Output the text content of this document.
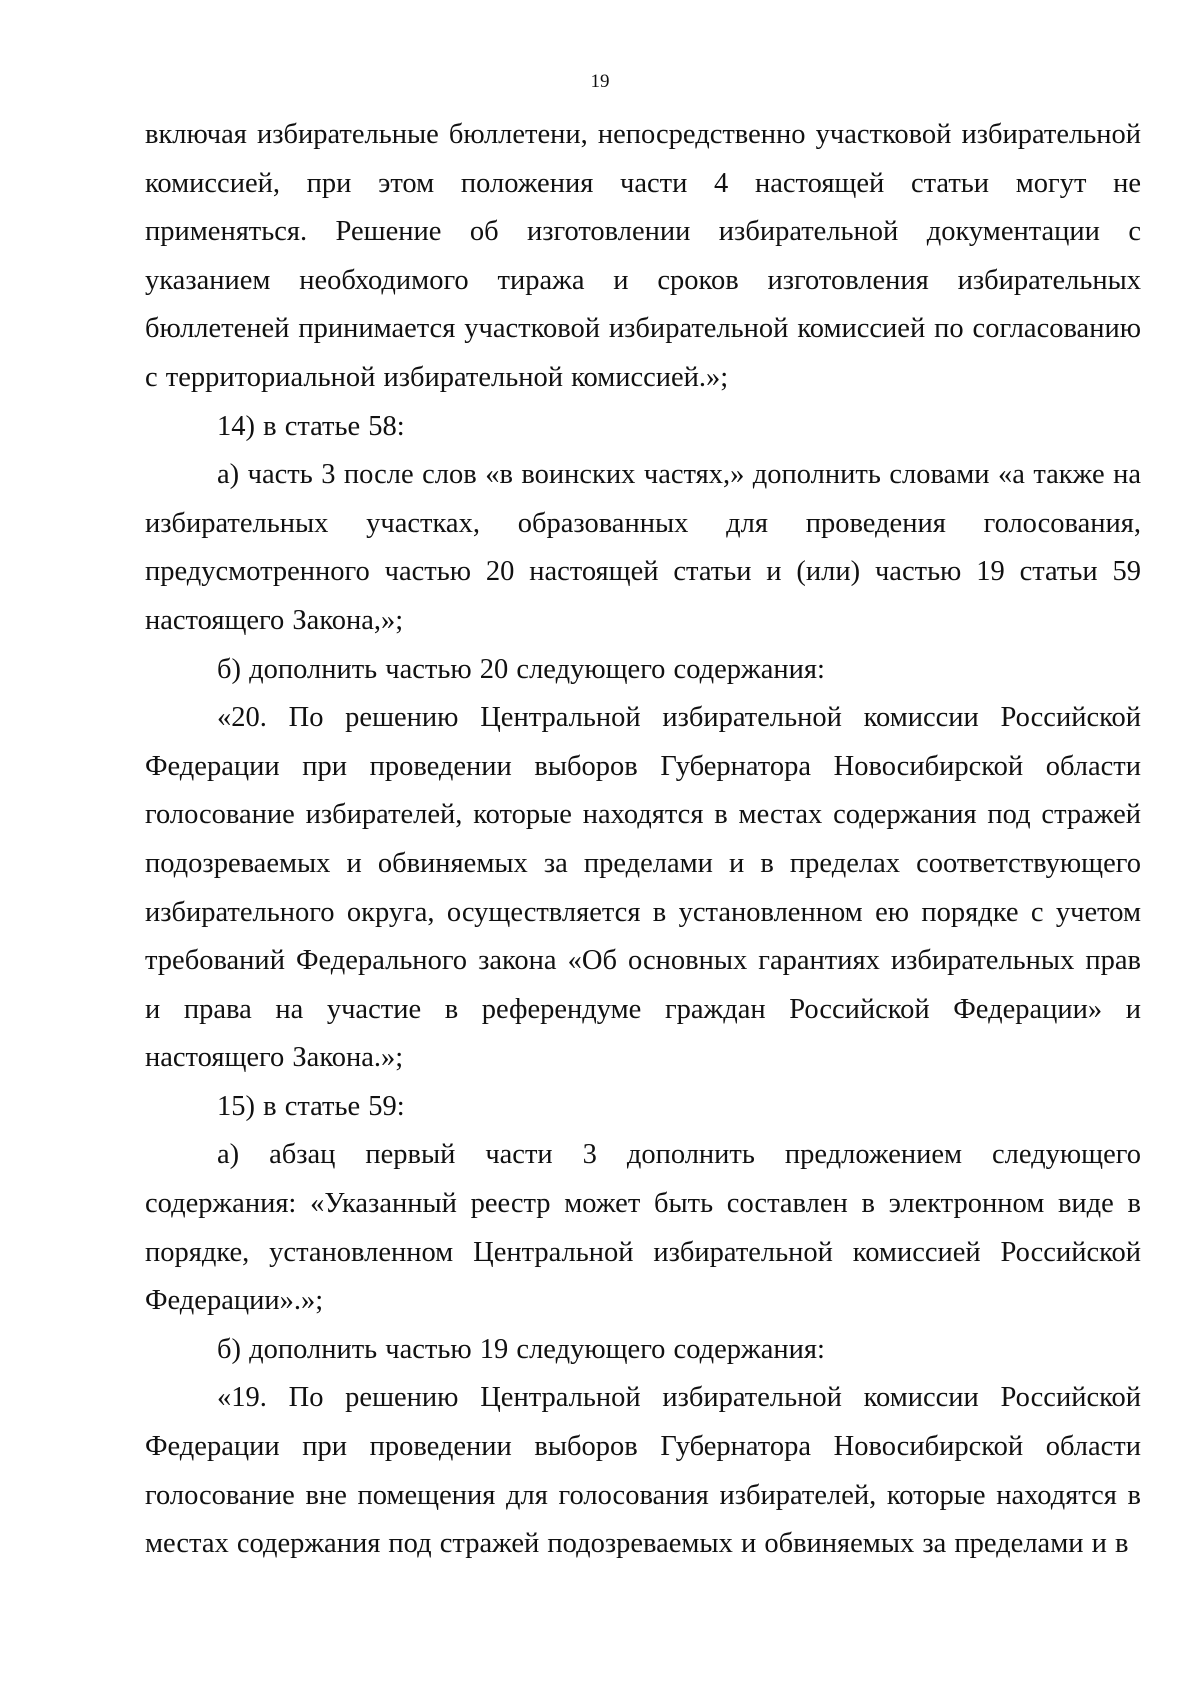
19

включая избирательные бюллетени, непосредственно участковой избирательной комиссией, при этом положения части 4 настоящей статьи могут не применяться. Решение об изготовлении избирательной документации с указанием необходимого тиража и сроков изготовления избирательных бюллетеней принимается участковой избирательной комиссией по согласованию с территориальной избирательной комиссией.»;

14) в статье 58:

а) часть 3 после слов «в воинских частях,» дополнить словами «а также на избирательных участках, образованных для проведения голосования, предусмотренного частью 20 настоящей статьи и (или) частью 19 статьи 59 настоящего Закона,»;

б) дополнить частью 20 следующего содержания:

«20. По решению Центральной избирательной комиссии Российской Федерации при проведении выборов Губернатора Новосибирской области голосование избирателей, которые находятся в местах содержания под стражей подозреваемых и обвиняемых за пределами и в пределах соответствующего избирательного округа, осуществляется в установленном ею порядке с учетом требований Федерального закона «Об основных гарантиях избирательных прав и права на участие в референдуме граждан Российской Федерации» и настоящего Закона.»;

15) в статье 59:

а) абзац первый части 3 дополнить предложением следующего содержания: «Указанный реестр может быть составлен в электронном виде в порядке, установленном Центральной избирательной комиссией Российской Федерации».»;

б) дополнить частью 19 следующего содержания:

«19. По решению Центральной избирательной комиссии Российской Федерации при проведении выборов Губернатора Новосибирской области голосование вне помещения для голосования избирателей, которые находятся в местах содержания под стражей подозреваемых и обвиняемых за пределами и в
